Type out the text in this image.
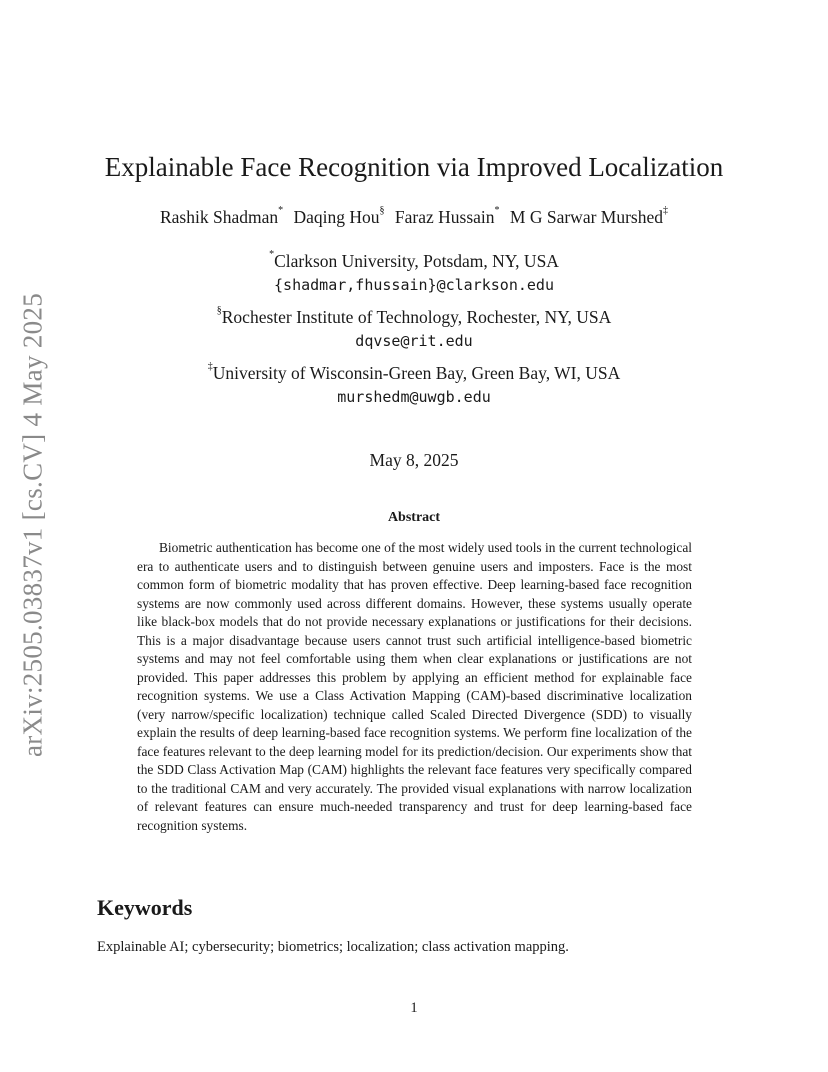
arXiv:2505.03837v1 [cs.CV] 4 May 2025
Explainable Face Recognition via Improved Localization
Rashik Shadman* Daqing Hou§ Faraz Hussain* M G Sarwar Murshed‡
*Clarkson University, Potsdam, NY, USA
{shadmar,fhussain}@clarkson.edu
§Rochester Institute of Technology, Rochester, NY, USA
dqvse@rit.edu
‡University of Wisconsin-Green Bay, Green Bay, WI, USA
murshedm@uwgb.edu
May 8, 2025
Abstract

Biometric authentication has become one of the most widely used tools in the current technological era to authenticate users and to distinguish between genuine users and imposters. Face is the most common form of biometric modality that has proven effective. Deep learning-based face recognition systems are now commonly used across different domains. However, these systems usually operate like black-box models that do not provide necessary explanations or justifications for their decisions. This is a major disadvantage because users cannot trust such artificial intelligence-based biometric systems and may not feel comfortable using them when clear explanations or justifications are not provided. This paper addresses this problem by applying an efficient method for explainable face recognition systems. We use a Class Activation Mapping (CAM)-based discriminative localization (very narrow/specific localization) technique called Scaled Directed Divergence (SDD) to visually explain the results of deep learning-based face recognition systems. We perform fine localization of the face features relevant to the deep learning model for its prediction/decision. Our experiments show that the SDD Class Activation Map (CAM) highlights the relevant face features very specifically compared to the traditional CAM and very accurately. The provided visual explanations with narrow localization of relevant features can ensure much-needed transparency and trust for deep learning-based face recognition systems.

Keywords

Explainable AI; cybersecurity; biometrics; localization; class activation mapping.

1
